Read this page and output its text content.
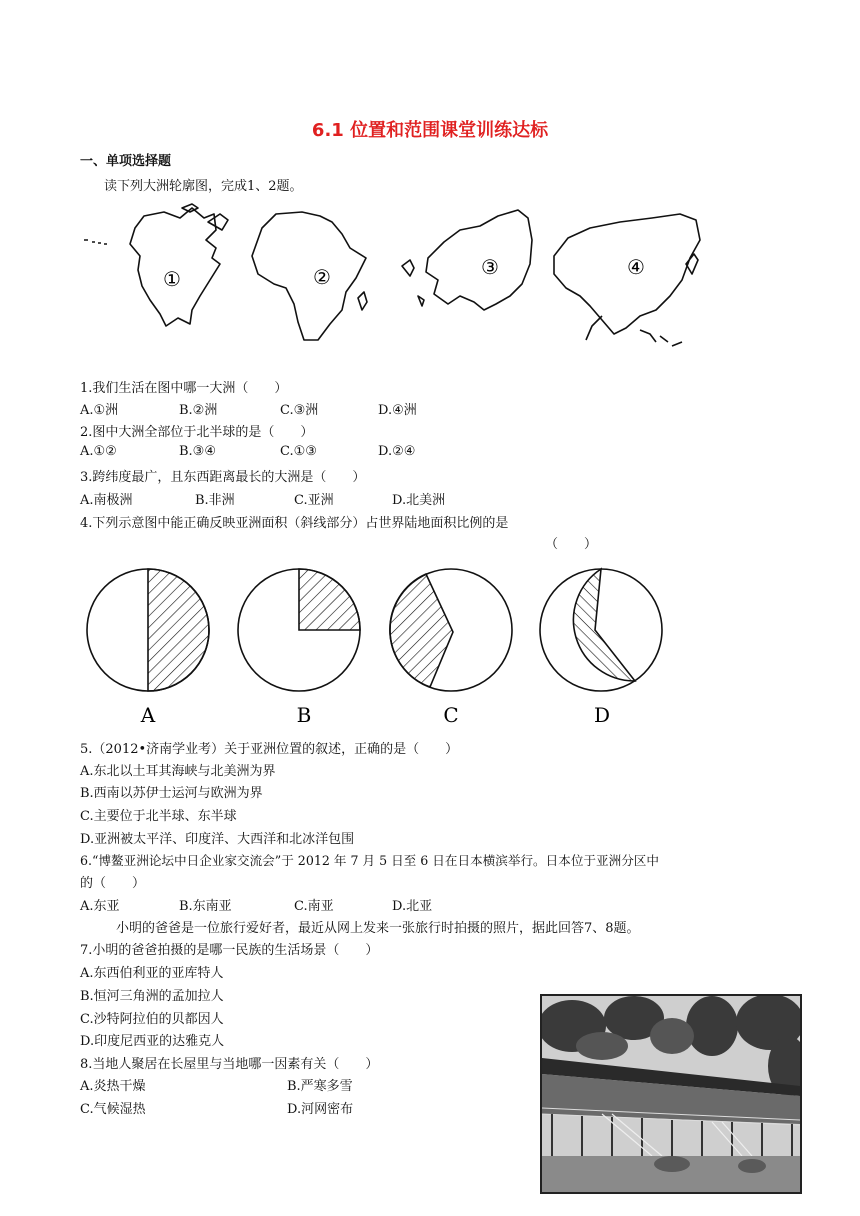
6.1 位置和范围课堂训练达标
一、单项选择题
读下列大洲轮廓图，完成1、2题。
①	②	③	④
1.我们生活在图中哪一大洲（　　）
A.①洲	B.②洲	C.③洲	D.④洲
2.图中大洲全部位于北半球的是（　　）
A.①②	B.③④	C.①③	D.②④
3.跨纬度最广，且东西距离最长的大洲是（　　）
A.南极洲	B.非洲	C.亚洲	D.北美洲
4.下列示意图中能正确反映亚洲面积（斜线部分）占世界陆地面积比例的是
（　　）
A	B	C	D
5.（2012•济南学业考）关于亚洲位置的叙述，正确的是（　　）
A.东北以土耳其海峡与北美洲为界
B.西南以苏伊士运河与欧洲为界
C.主要位于北半球、东半球
D.亚洲被太平洋、印度洋、大西洋和北冰洋包围
6.“博鳌亚洲论坛中日企业家交流会”于 2012 年 7 月 5 日至 6 日在日本横滨举行。日本位于亚洲分区中
的（　　）
A.东亚	B.东南亚	C.南亚	D.北亚
小明的爸爸是一位旅行爱好者，最近从网上发来一张旅行时拍摄的照片，据此回答7、8题。
7.小明的爸爸拍摄的是哪一民族的生活场景（　　）
A.东西伯利亚的亚库特人
B.恒河三角洲的孟加拉人
C.沙特阿拉伯的贝都因人
D.印度尼西亚的达雅克人
8.当地人聚居在长屋里与当地哪一因素有关（　　）
A.炎热干燥	B.严寒多雪
C.气候湿热	D.河网密布
